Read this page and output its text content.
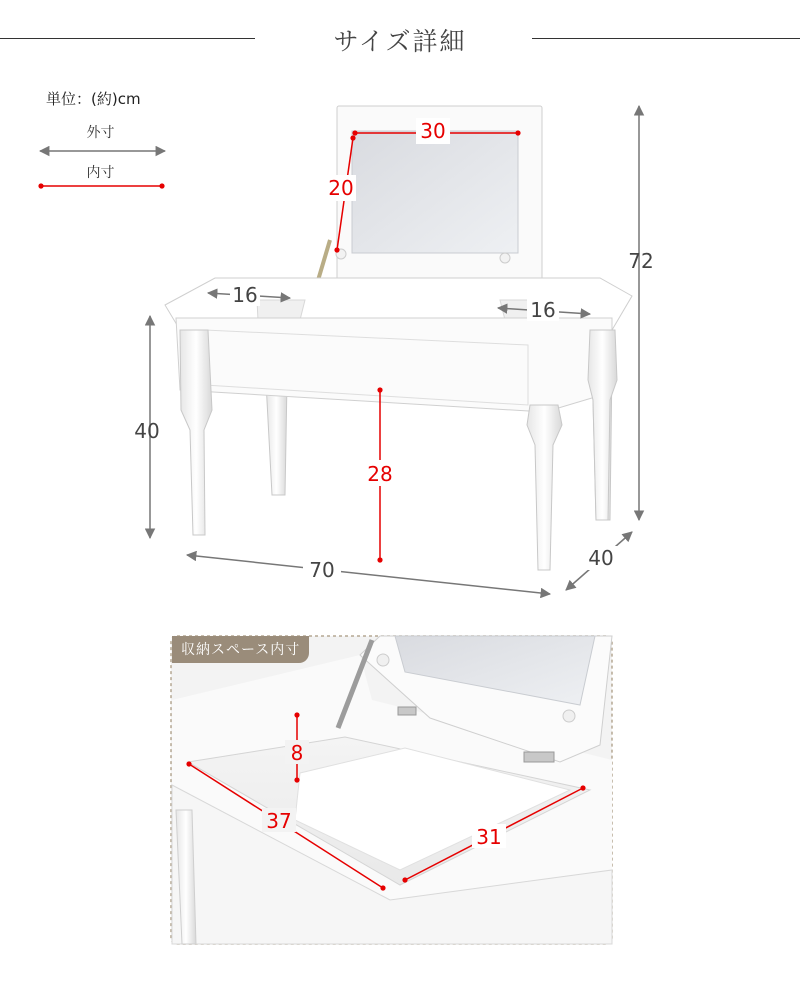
サイズ詳細
単位：(約)cm
外寸
内寸
30
20
16
16
72
40
28
70	40
8
37
31
収納スペース内寸
